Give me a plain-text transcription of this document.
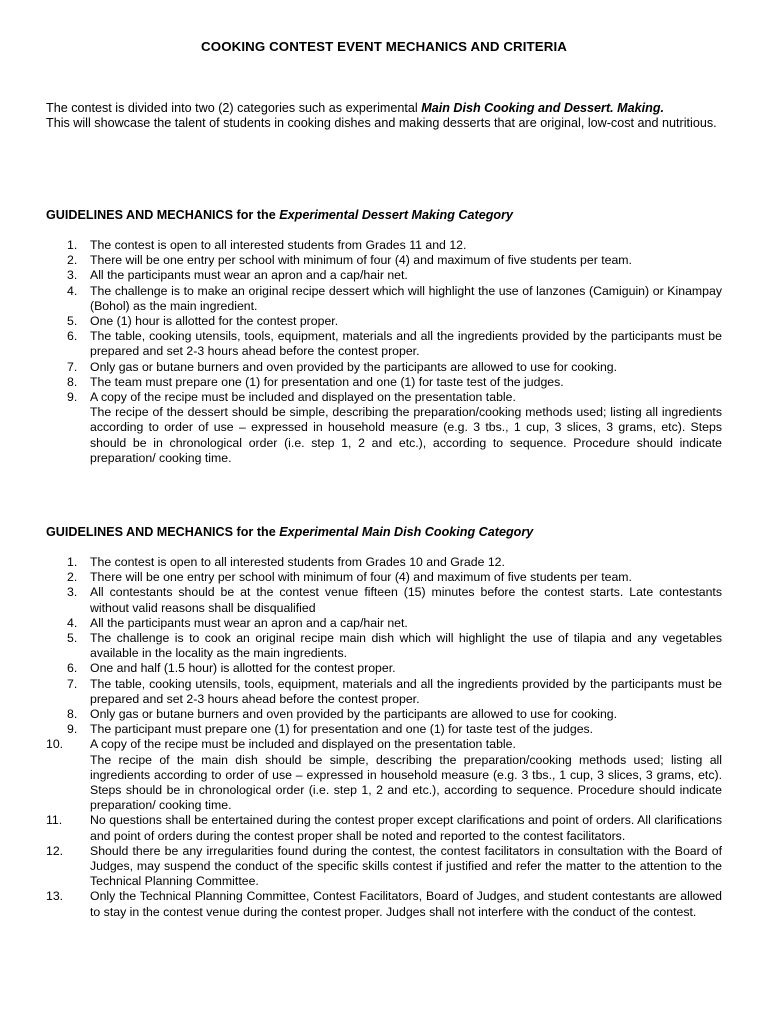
COOKING CONTEST EVENT MECHANICS AND CRITERIA

The contest is divided into two (2) categories such as experimental Main Dish Cooking and Dessert. Making.

This will showcase the talent of students in cooking dishes and making desserts that are original, low-cost and nutritious.

GUIDELINES AND MECHANICS for the Experimental Dessert Making Category
1.	The contest is open to all interested students from Grades 11 and 12.
2.	There will be one entry per school with minimum of four (4) and maximum of five students per team.
3.	All the participants must wear an apron and a cap/hair net.
4.	The challenge is to make an original recipe dessert which will highlight the use of lanzones (Camiguin) or Kinampay (Bohol) as the main ingredient.
5.	One (1) hour is allotted for the contest proper.
6.	The table, cooking utensils, tools, equipment, materials and all the ingredients provided by the participants must be prepared and set 2-3 hours ahead before the contest proper.
7.	Only gas or butane burners and oven provided by the participants are allowed to use for cooking.
8.	The team must prepare one (1) for presentation and one (1) for taste test of the judges.
9.	A copy of the recipe must be included and displayed on the presentation table.
The recipe of the dessert should be simple, describing the preparation/cooking methods used; listing all ingredients according to order of use – expressed in household measure (e.g. 3 tbs., 1 cup, 3 slices, 3 grams, etc). Steps should be in chronological order (i.e. step 1, 2 and etc.), according to sequence. Procedure should indicate preparation/ cooking time.
GUIDELINES AND MECHANICS for the Experimental Main Dish Cooking Category
1.	The contest is open to all interested students from Grades 10 and Grade 12.
2.	There will be one entry per school with minimum of four (4) and maximum of five students per team.
3.	All contestants should be at the contest venue fifteen (15) minutes before the contest starts. Late contestants without valid reasons shall be disqualified
4.	All the participants must wear an apron and a cap/hair net.
5.	The challenge is to cook an original recipe main dish which will highlight the use of tilapia and any vegetables available in the locality as the main ingredients.
6.	One and half (1.5 hour) is allotted for the contest proper.
7.	The table, cooking utensils, tools, equipment, materials and all the ingredients provided by the participants must be prepared and set 2-3 hours ahead before the contest proper.
8.	Only gas or butane burners and oven provided by the participants are allowed to use for cooking.
9.	The participant must prepare one (1) for presentation and one (1) for taste test of the judges.
10.	A copy of the recipe must be included and displayed on the presentation table.
The recipe of the main dish should be simple, describing the preparation/cooking methods used; listing all ingredients according to order of use – expressed in household measure (e.g. 3 tbs., 1 cup, 3 slices, 3 grams, etc). Steps should be in chronological order (i.e. step 1, 2 and etc.), according to sequence. Procedure should indicate preparation/ cooking time.
11.	No questions shall be entertained during the contest proper except clarifications and point of orders. All clarifications and point of orders during the contest proper shall be noted and reported to the contest facilitators.
12.	Should there be any irregularities found during the contest, the contest facilitators in consultation with the Board of Judges, may suspend the conduct of the specific skills contest if justified and refer the matter to the attention to the Technical Planning Committee.
13.	Only the Technical Planning Committee, Contest Facilitators, Board of Judges, and student contestants are allowed to stay in the contest venue during the contest proper. Judges shall not interfere with the conduct of the contest.
